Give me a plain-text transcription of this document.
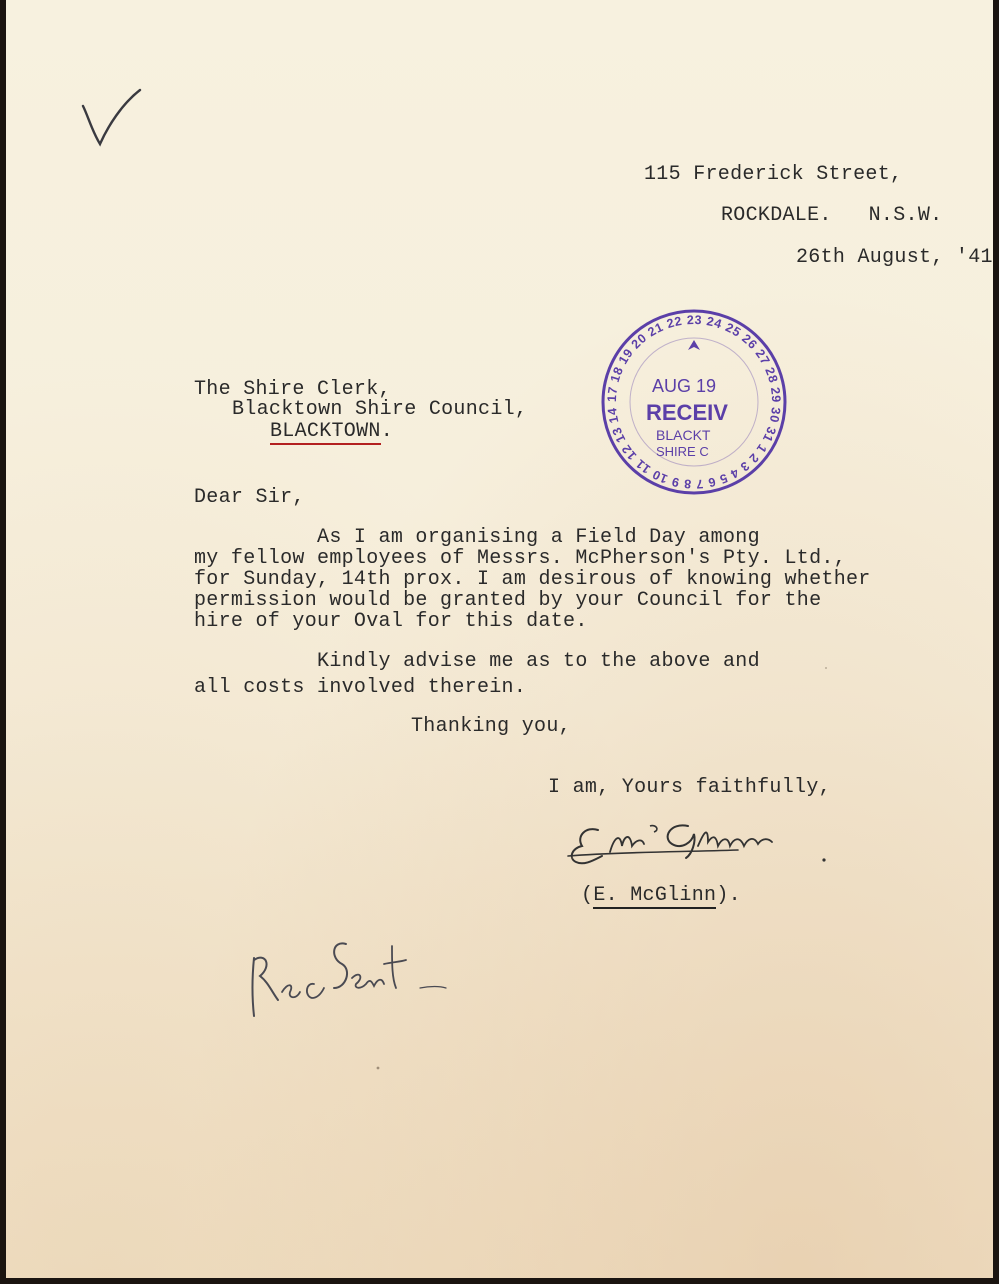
115 Frederick Street,
ROCKDALE.   N.S.W.
26th August, '41
The Shire Clerk,
Blacktown Shire Council,
BLACKTOWN.
17 18 19 20 21 22 23 24 25 26 27 28 29 30 31 1 2 3 4 5 6 7 8 9 10 11 12 13 14 15 16
AUG 19
RECEIV
BLACKT
SHIRE C
Dear Sir,
As I am organising a Field Day among
my fellow employees of Messrs. McPherson's Pty. Ltd.,
for Sunday, 14th prox. I am desirous of knowing whether
permission would be granted by your Council for the
hire of your Oval for this date.
Kindly advise me as to the above and
all costs involved therein.
Thanking you,
I am, Yours faithfully,
(E. McGlinn).
